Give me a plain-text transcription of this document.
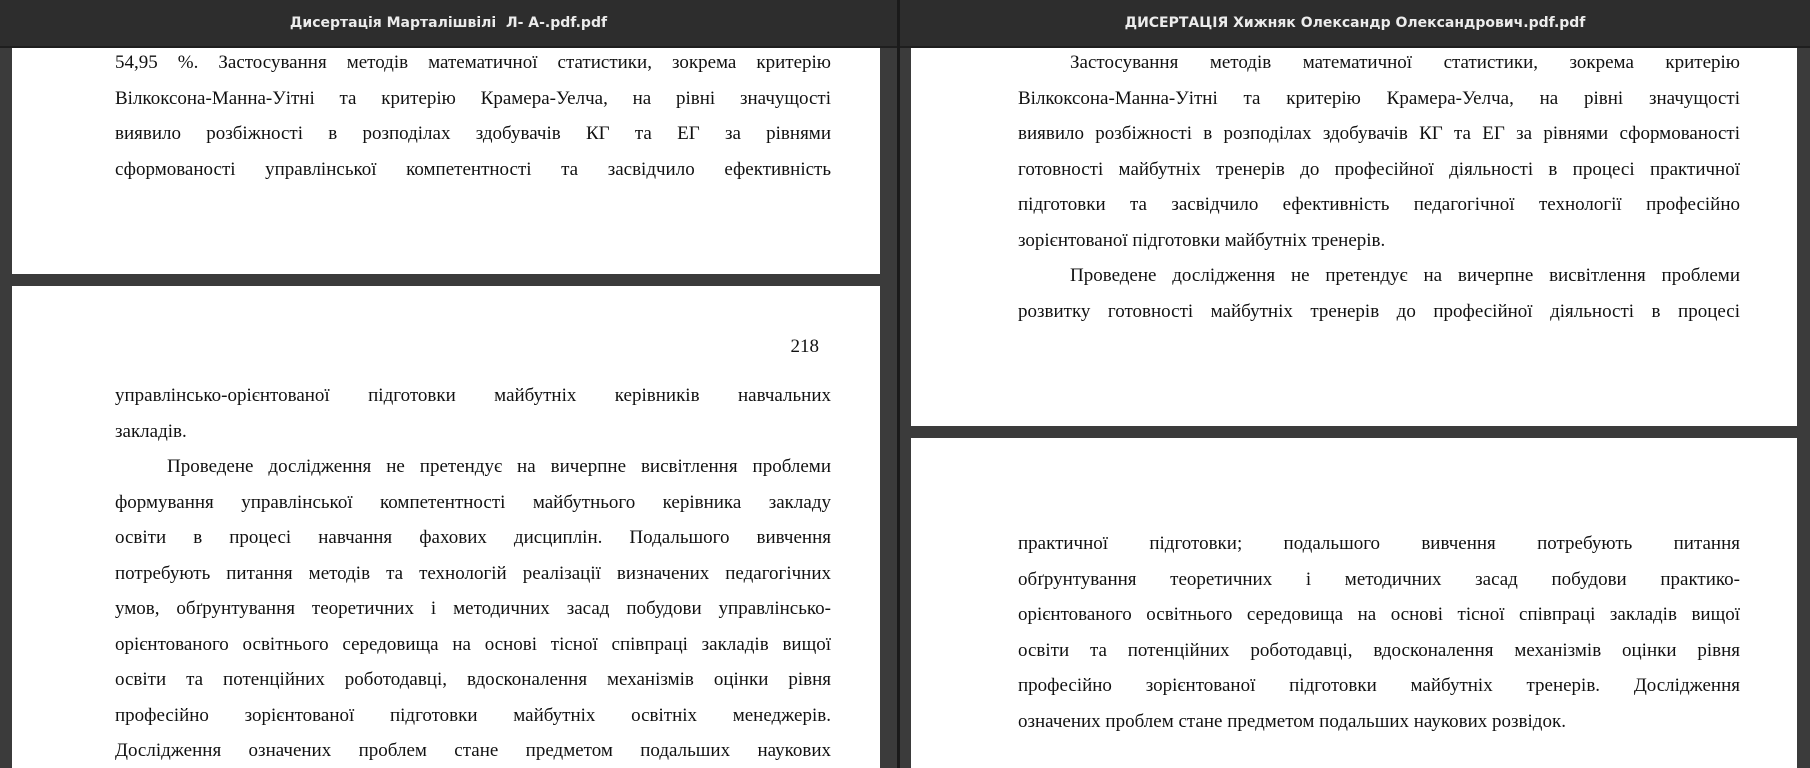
Дисертація Марталішвілі  Л- А-.pdf.pdf
54,95 %. Застосування методів математичної статистики, зокрема критерію
Вілкоксона-Манна-Уітні та критерію Крамера-Уелча, на рівні значущості
виявило розбіжності в розподілах здобувачів КГ та ЕГ за рівнями
сформованості управлінської компетентності та засвідчило ефективність
218
управлінсько-орієнтованої підготовки майбутніх керівників навчальних
закладів.
Проведене дослідження не претендує на вичерпне висвітлення проблеми
формування управлінської компетентності майбутнього керівника закладу
освіти в процесі навчання фахових дисциплін. Подальшого вивчення
потребують питання методів та технологій реалізації визначених педагогічних
умов, обґрунтування теоретичних і методичних засад побудови управлінсько-
орієнтованого освітнього середовища на основі тісної співпраці закладів вищої
освіти та потенційних роботодавці, вдосконалення механізмів оцінки рівня
професійно зорієнтованої підготовки майбутніх освітніх менеджерів.
Дослідження означених проблем стане предметом подальших наукових
ДИСЕРТАЦІЯ Хижняк Олександр Олександрович.pdf.pdf
Застосування методів математичної статистики, зокрема критерію
Вілкоксона-Манна-Уітні та критерію Крамера-Уелча, на рівні значущості
виявило розбіжності в розподілах здобувачів КГ та ЕГ за рівнями сформованості
готовності майбутніх тренерів до професійної діяльності в процесі практичної
підготовки та засвідчило ефективність педагогічної технології професійно
зорієнтованої підготовки майбутніх тренерів.
Проведене дослідження не претендує на вичерпне висвітлення проблеми
розвитку готовності майбутніх тренерів до професійної діяльності в процесі
практичної підготовки; подальшого вивчення потребують питання
обґрунтування теоретичних і методичних засад побудови практико-
орієнтованого освітнього середовища на основі тісної співпраці закладів вищої
освіти та потенційних роботодавці, вдосконалення механізмів оцінки рівня
професійно зорієнтованої підготовки майбутніх тренерів. Дослідження
означених проблем стане предметом подальших наукових розвідок.
